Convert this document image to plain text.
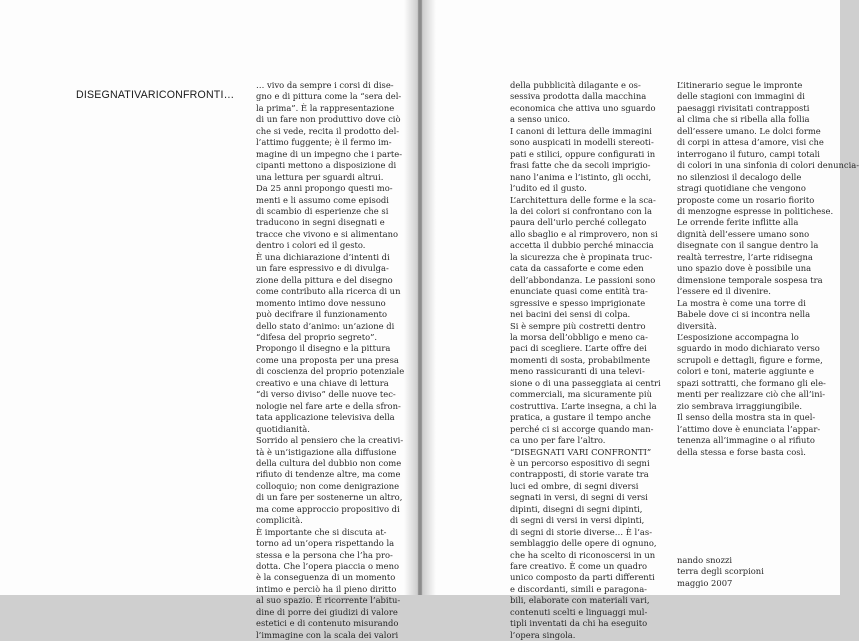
DISEGNATIVARICONFRONTI…
… vivo da sempre i corsi di dise-
gno e di pittura come la “sera del-
la prima”. È la rappresentazione
di un fare non produttivo dove ciò
che si vede, recita il prodotto del-
l’attimo fuggente; è il fermo im-
magine di un impegno che i parte-
cipanti mettono a disposizione di
una lettura per sguardi altrui.
Da 25 anni propongo questi mo-
menti e li assumo come episodi
di scambio di esperienze che si
traducono in segni disegnati e
tracce che vivono e si alimentano
dentro i colori ed il gesto.
È una dichiarazione d’intenti di
un fare espressivo e di divulga-
zione della pittura e del disegno
come contributo alla ricerca di un
momento intimo dove nessuno
può decifrare il funzionamento
dello stato d’animo: un’azione di
“difesa del proprio segreto”.
Propongo il disegno e la pittura
come una proposta per una presa
di coscienza del proprio potenziale
creativo e una chiave di lettura
“di verso diviso” delle nuove tec-
nologie nel fare arte e della sfron-
tata applicazione televisiva della
quotidianità.
Sorrido al pensiero che la creativi-
tà è un’istigazione alla diffusione
della cultura del dubbio non come
rifiuto di tendenze altre, ma come
colloquio; non come denigrazione
di un fare per sostenerne un altro,
ma come approccio propositivo di
complicità.
È importante che si discuta at-
torno ad un’opera rispettando la
stessa e la persona che l’ha pro-
dotta. Che l’opera piaccia o meno
è la conseguenza di un momento
intimo e perciò ha il pieno diritto
al suo spazio. È ricorrente l’abitu-
dine di porre dei giudizi di valore
estetici e di contenuto misurando
l’immagine con la scala dei valori
della pubblicità dilagante e os-
sessiva prodotta dalla macchina
economica che attiva uno sguardo
a senso unico.
I canoni di lettura delle immagini
sono auspicati in modelli stereoti-
pati e stilici, oppure configurati in
frasi fatte che da secoli imprigio-
nano l’anima e l’istinto, gli occhi,
l’udito ed il gusto.
L’architettura delle forme e la sca-
la dei colori si confrontano con la
paura dell’urlo perché collegato
allo sbaglio e al rimprovero, non si
accetta il dubbio perché minaccia
la sicurezza che è propinata truc-
cata da cassaforte e come eden
dell’abbondanza. Le passioni sono
enunciate quasi come entità tra-
sgressive e spesso imprigionate
nei bacini dei sensi di colpa.
Si è sempre più costretti dentro
la morsa dell’obbligo e meno ca-
paci di scegliere. L’arte offre dei
momenti di sosta, probabilmente
meno rassicuranti di una televi-
sione o di una passeggiata ai centri
commerciali, ma sicuramente più
costruttiva. L’arte insegna, a chi la
pratica, a gustare il tempo anche
perché ci si accorge quando man-
ca uno per fare l’altro.
“DISEGNATI VARI CONFRONTI”
è un percorso espositivo di segni
contrapposti, di storie varate tra
luci ed ombre, di segni diversi
segnati in versi, di segni di versi
dipinti, disegni di segni dipinti,
di segni di versi in versi dipinti,
di segni di storie diverse… È l’as-
semblaggio delle opere di ognuno,
che ha scelto di riconoscersi in un
fare creativo. È come un quadro
unico composto da parti differenti
e discordanti, simili e paragona-
bili, elaborate con materiali vari,
contenuti scelti e linguaggi mul-
tipli inventati da chi ha eseguito
l’opera singola.
L’itinerario segue le impronte
delle stagioni con immagini di
paesaggi rivisitati contrapposti
al clima che si ribella alla follia
dell’essere umano. Le dolci forme
di corpi in attesa d’amore, visi che
interrogano il futuro, campi totali
di colori in una sinfonia di colori denuncia-
no silenziosi il decalogo delle
stragi quotidiane che vengono
proposte come un rosario fiorito
di menzogne espresse in politichese.
Le orrende ferite inflitte alla
dignità dell’essere umano sono
disegnate con il sangue dentro la
realtà terrestre, l’arte ridisegna
uno spazio dove è possibile una
dimensione temporale sospesa tra
l’essere ed il divenire.
La mostra è come una torre di
Babele dove ci si incontra nella
diversità.
L’esposizione accompagna lo
sguardo in modo dichiarato verso
scrupoli e dettagli, figure e forme,
colori e toni, materie aggiunte e
spazi sottratti, che formano gli ele-
menti per realizzare ciò che all’ini-
zio sembrava irraggiungibile.
Il senso della mostra sta in quel-
l’attimo dove è enunciata l’appar-
tenenza all’immagine o al rifiuto
della stessa e forse basta così.
nando snozzi
terra degli scorpioni
maggio 2007
